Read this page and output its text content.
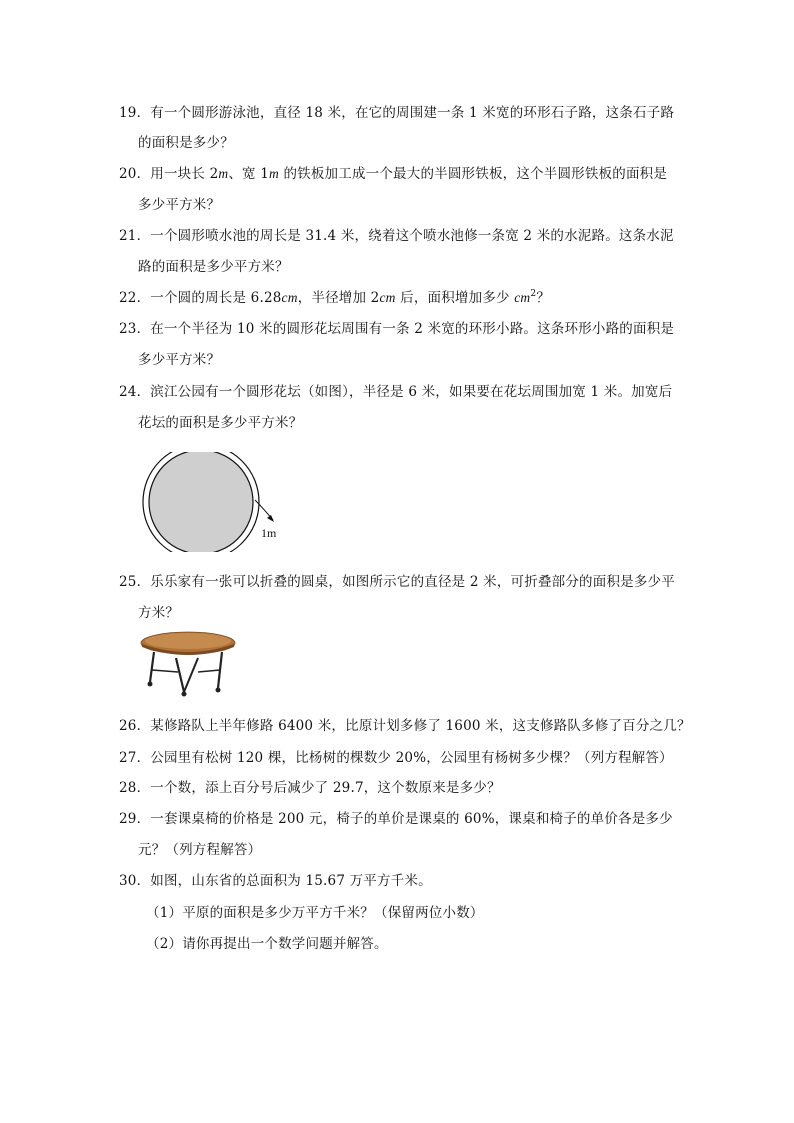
19．有一个圆形游泳池，直径 18 米，在它的周围建一条 1 米宽的环形石子路，这条石子路
的面积是多少？
20．用一块长 2m、宽 1m 的铁板加工成一个最大的半圆形铁板，这个半圆形铁板的面积是
多少平方米？
21．一个圆形喷水池的周长是 31.4 米，绕着这个喷水池修一条宽 2 米的水泥路。这条水泥
路的面积是多少平方米？
22．一个圆的周长是 6.28cm，半径增加 2cm 后，面积增加多少 $cm^2$？
23．在一个半径为 10 米的圆形花坛周围有一条 2 米宽的环形小路。这条环形小路的面积是
多少平方米？
24．滨江公园有一个圆形花坛（如图），半径是 6 米，如果要在花坛周围加宽 1 米。加宽后
花坛的面积是多少平方米？
1m
25．乐乐家有一张可以折叠的圆桌，如图所示它的直径是 2 米，可折叠部分的面积是多少平
方米？
26．某修路队上半年修路 6400 米，比原计划多修了 1600 米，这支修路队多修了百分之几？
27．公园里有松树 120 棵，比杨树的棵数少 20%，公园里有杨树多少棵？（列方程解答）
28．一个数，添上百分号后减少了 29.7，这个数原来是多少？
29．一套课桌椅的价格是 200 元，椅子的单价是课桌的 60%，课桌和椅子的单价各是多少
元？（列方程解答）
30．如图，山东省的总面积为 15.67 万平方千米。
（1）平原的面积是多少万平方千米？（保留两位小数）
（2）请你再提出一个数学问题并解答。
